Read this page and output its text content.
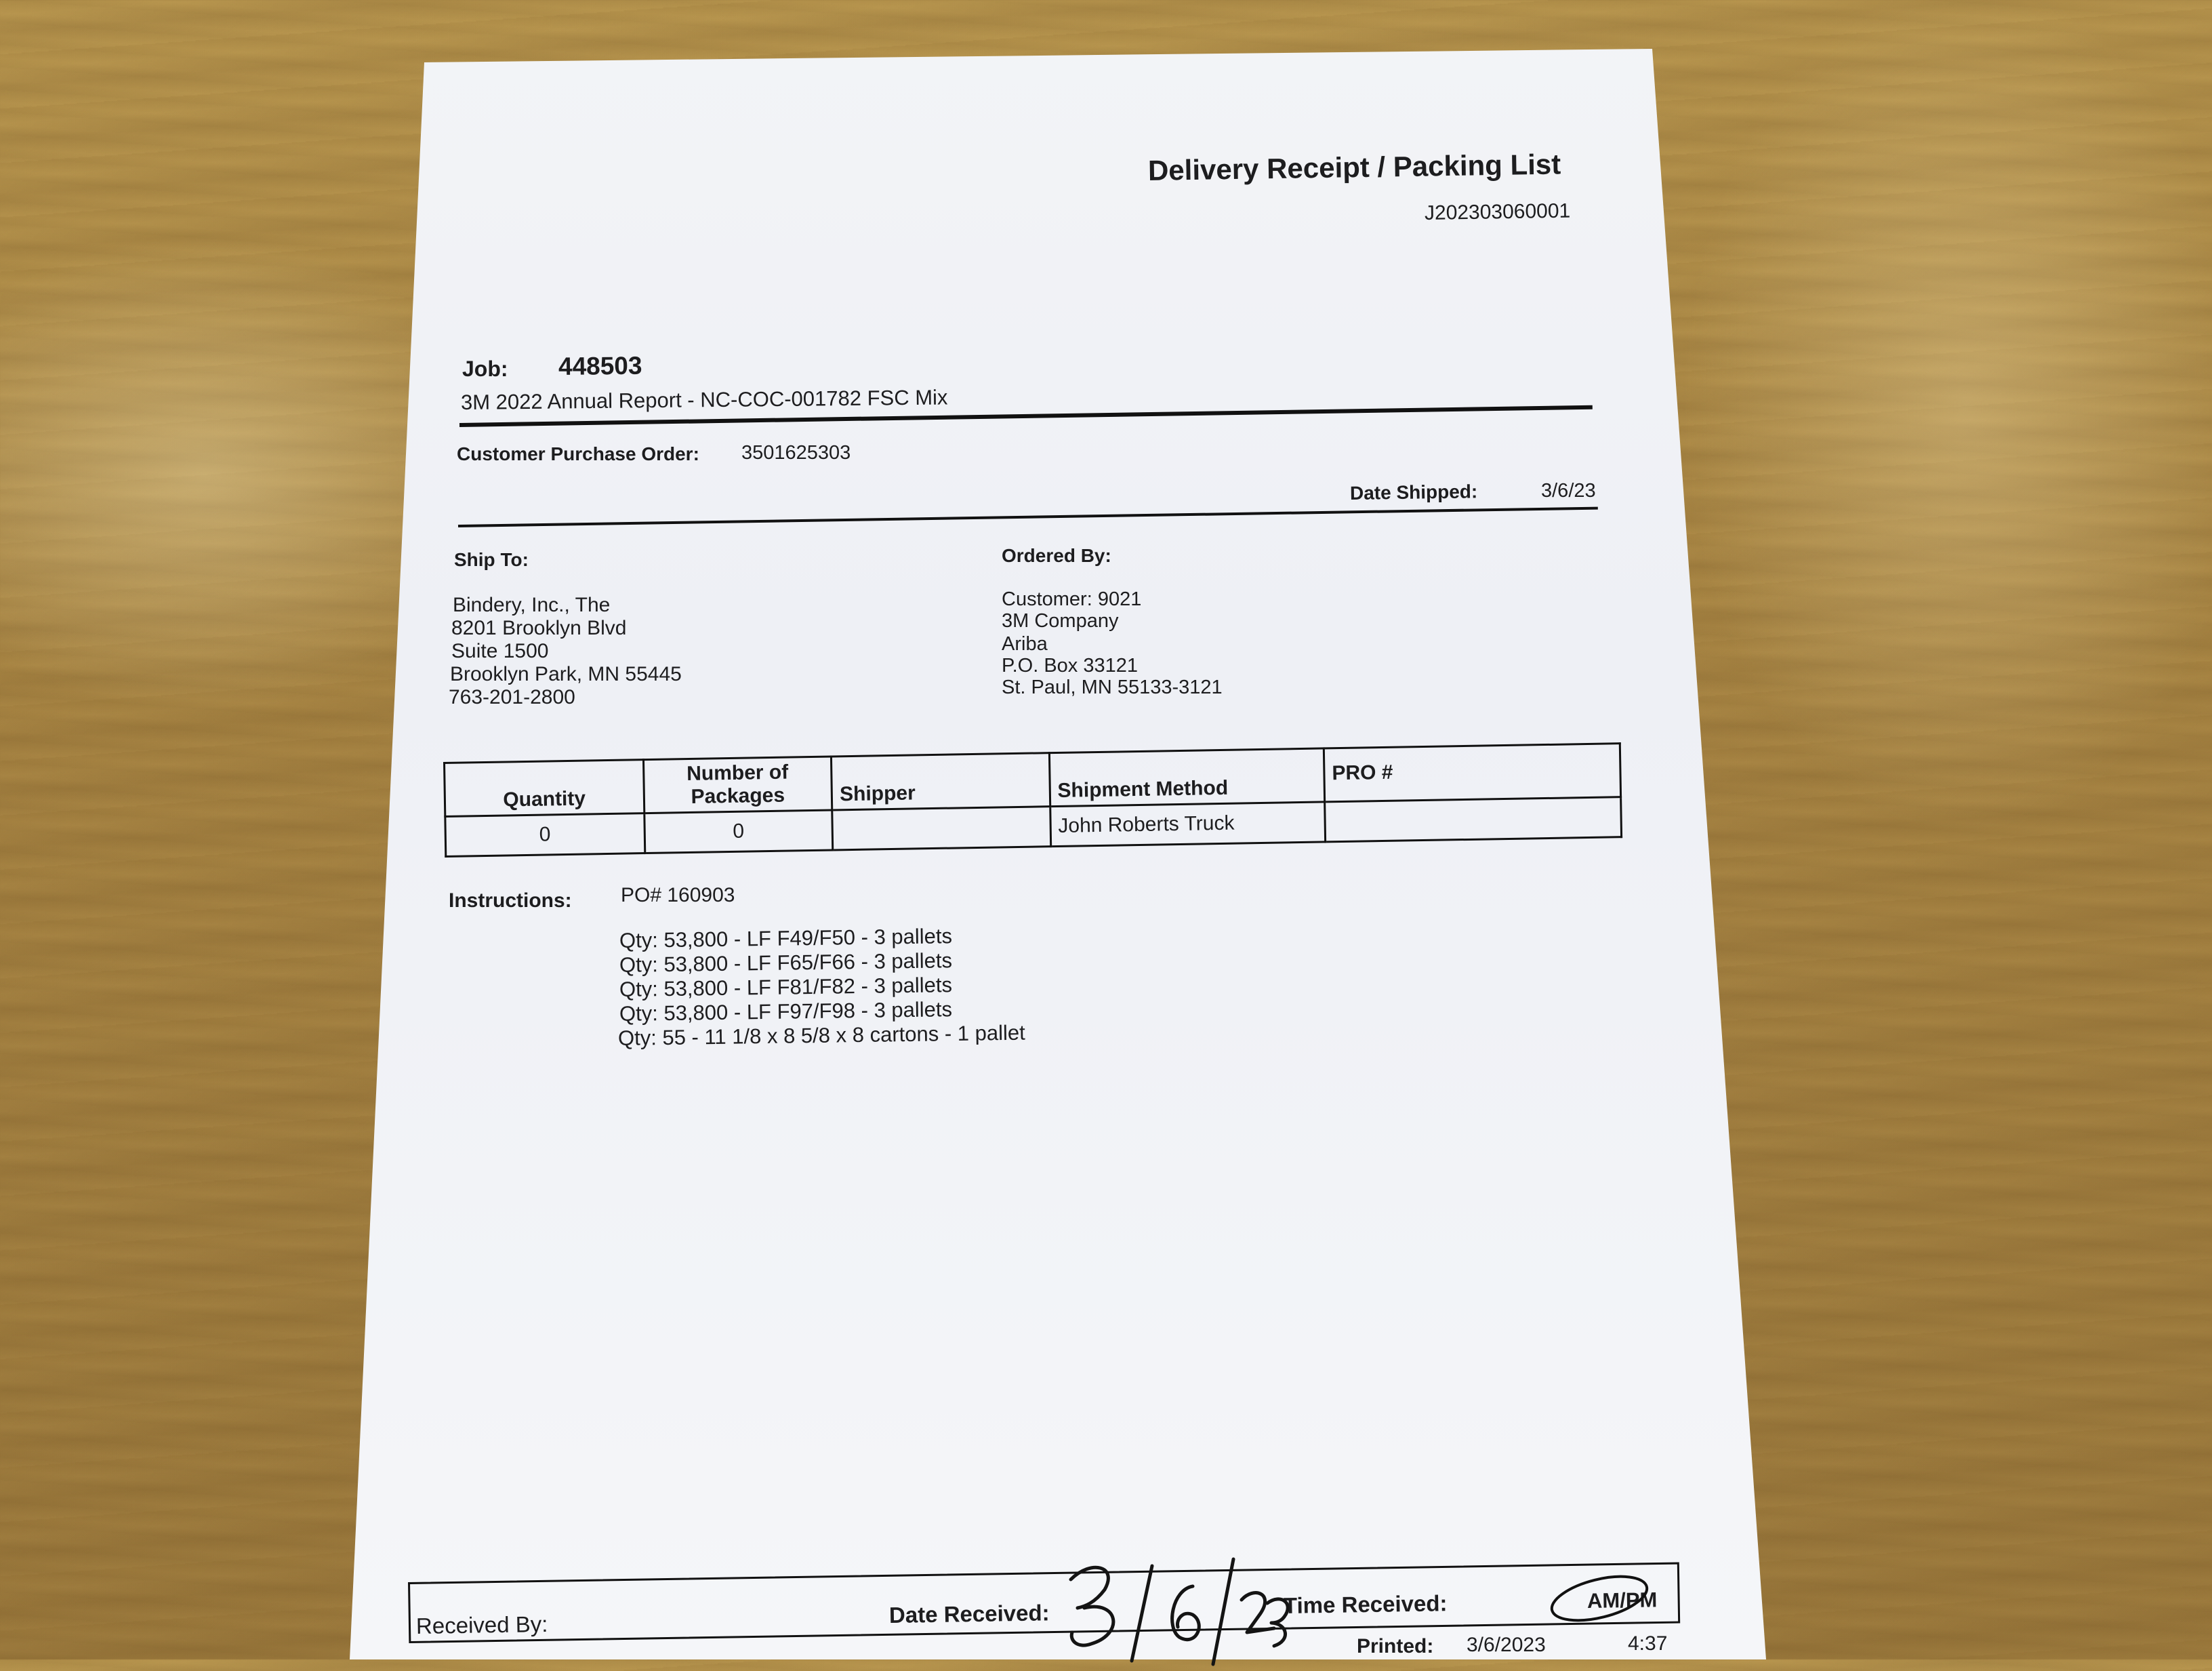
Delivery Receipt / Packing List
J202303060001
Job: 448503
3M 2022 Annual Report - NC-COC-001782 FSC Mix
Customer Purchase Order: 3501625303
Date Shipped:	3/6/23
Ship To:
Bindery, Inc., The
8201 Brooklyn Blvd
Suite 1500
Brooklyn Park, MN 55445
763-201-2800
Ordered By:
Customer: 9021
3M Company
Ariba
P.O. Box 33121
St. Paul, MN 55133-3121
Quantity	Number of Packages	Shipper	Shipment Method	PRO #
0	0		John Roberts Truck	
Instructions: PO# 160903
Qty: 53,800 - LF F49/F50 - 3 pallets
Qty: 53,800 - LF F65/F66 - 3 pallets
Qty: 53,800 - LF F81/F82 - 3 pallets
Qty: 53,800 - LF F97/F98 - 3 pallets
Qty: 55 - 11 1/8 x 8 5/8 x 8 cartons - 1 pallet
Received By:	Date Received:	Time Received:	AM/PM
Printed: 3/6/2023	4:37
